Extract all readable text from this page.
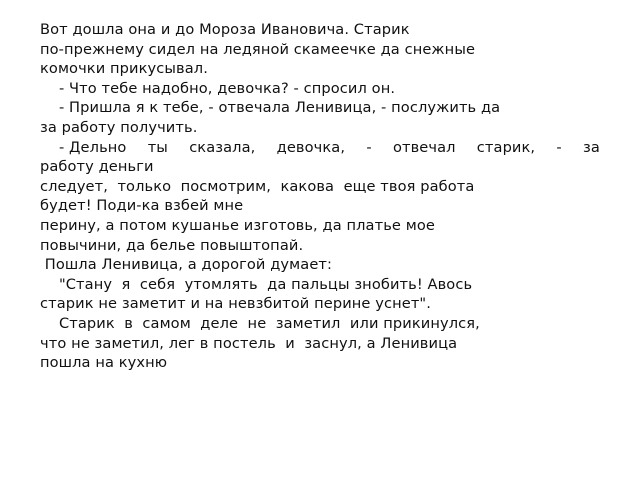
Вот дошла она и до Мороза Ивановича. Старик
по-прежнему сидел на ледяной скамеечке да снежные
комочки прикусывал.
- Что тебе надобно, девочка? - спросил он.
- Пришла я к тебе, - отвечала Ленивица, - послужить да
за работу получить.
- Дельно ты сказала, девочка, - отвечал старик, - за
работу деньги
следует,  только  посмотрим,  какова  еще твоя работа
будет! Поди-ка взбей мне
перину, а потом кушанье изготовь, да платье мое
повычини, да белье повыштопай.
Пошла Ленивица, а дорогой думает:
"Стану  я  себя  утомлять  да пальцы знобить! Авось
старик не заметит и на невзбитой перине уснет".
Старик  в  самом  деле  не  заметил  или прикинулся,
что не заметил, лег в постель  и  заснул, а Ленивица
пошла на кухню
